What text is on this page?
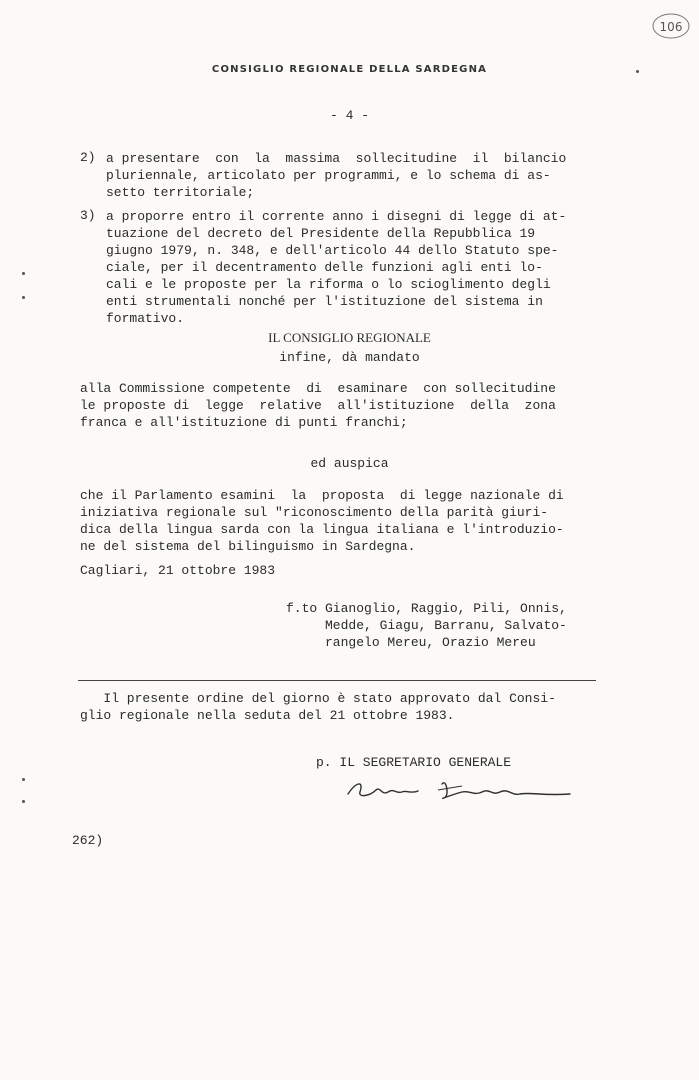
106
CONSIGLIO REGIONALE DELLA SARDEGNA
- 4 -
2) a presentare  con  la  massima  sollecitudine  il  bilancio
pluriennale, articolato per programmi, e lo schema di as-
setto territoriale;
3) a proporre entro il corrente anno i disegni di legge di at-
tuazione del decreto del Presidente della Repubblica 19
giugno 1979, n. 348, e dell'articolo 44 dello Statuto spe-
ciale, per il decentramento delle funzioni agli enti lo-
cali e le proposte per la riforma o lo scioglimento degli
enti strumentali nonché per l'istituzione del sistema in
formativo.
IL CONSIGLIO REGIONALE
infine, dà mandato
alla Commissione competente  di  esaminare  con sollecitudine
le proposte di  legge  relative  all'istituzione  della  zona
franca e all'istituzione di punti franchi;
ed auspica
che il Parlamento esamini  la  proposta  di legge nazionale di
iniziativa regionale sul "riconoscimento della parità giuri-
dica della lingua sarda con la lingua italiana e l'introduzio-
ne del sistema del bilinguismo in Sardegna.
Cagliari, 21 ottobre 1983
f.to Gianoglio, Raggio, Pili, Onnis,
Medde, Giagu, Barranu, Salvato-
rangelo Mereu, Orazio Mereu
Il presente ordine del giorno è stato approvato dal Consi-
glio regionale nella seduta del 21 ottobre 1983.
p. IL SEGRETARIO GENERALE
262)
